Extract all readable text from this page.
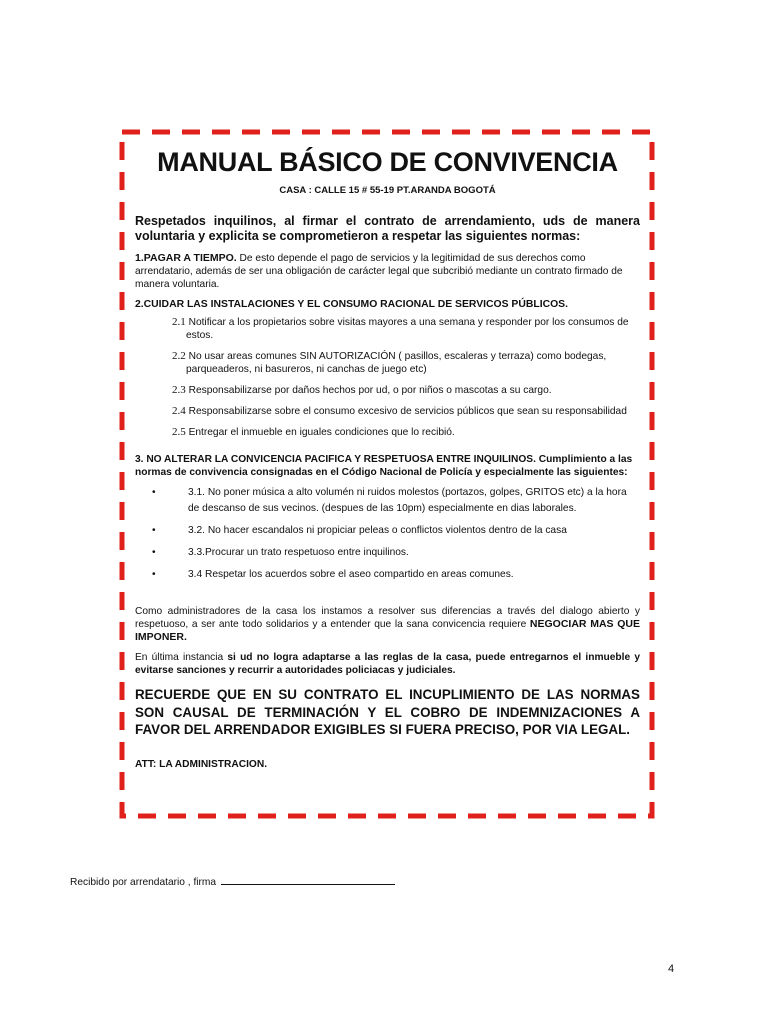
MANUAL BÁSICO DE CONVIVENCIA

CASA : CALLE 15 # 55-19 PT.ARANDA BOGOTÁ

Respetados inquilinos, al firmar el contrato de arrendamiento, uds de manera voluntaria y explicita se comprometieron a respetar las siguientes normas:

1.PAGAR A TIEMPO. De esto depende el pago de servicios y la legitimidad de sus derechos como arrendatario, además de ser una obligación de carácter legal que subcribió mediante un contrato firmado de manera voluntaria.

2.CUIDAR LAS INSTALACIONES Y EL CONSUMO RACIONAL DE SERVICOS PÚBLICOS.

2.1 Notificar a los propietarios sobre visitas mayores a una semana y responder por los consumos de estos.
2.2 No usar areas comunes SIN AUTORIZACIÓN ( pasillos, escaleras y terraza) como bodegas, parqueaderos, ni basureros, ni canchas de juego etc)
2.3 Responsabilizarse por daños hechos por ud, o por niños o mascotas a su cargo.
2.4 Responsabilizarse sobre el consumo excesivo de servicios públicos que sean su responsabilidad
2.5 Entregar el inmueble en iguales condiciones que lo recibió.

3. NO ALTERAR LA CONVICENCIA PACIFICA Y RESPETUOSA ENTRE INQUILINOS. Cumplimiento a las normas de convivencia consignadas en el Código Nacional de Policía y especialmente las siguientes:

• 3.1. No poner música a alto volumén ni ruidos molestos (portazos, golpes, GRITOS etc) a la hora de descanso de sus vecinos. (despues de las 10pm) especialmente en dias laborales.
• 3.2. No hacer escandalos ni propiciar peleas o conflictos violentos dentro de la casa
• 3.3.Procurar un trato respetuoso entre inquilinos.
• 3.4 Respetar los acuerdos sobre el aseo compartido en areas comunes.

Como administradores de la casa los instamos a resolver sus diferencias a través del dialogo abierto y respetuoso, a ser ante todo solidarios y a entender que la sana convicencia requiere NEGOCIAR MAS QUE IMPONER.

En última instancia si ud no logra adaptarse a las reglas de la casa, puede entregarnos el inmueble y evitarse sanciones y recurrir a autoridades policiacas y judiciales.

RECUERDE QUE EN SU CONTRATO EL INCUPLIMIENTO DE LAS NORMAS SON CAUSAL DE TERMINACIÓN Y EL COBRO DE INDEMNIZACIONES A FAVOR DEL ARRENDADOR EXIGIBLES SI FUERA PRECISO, POR VIA LEGAL.

ATT: LA ADMINISTRACION.

Recibido por arrendatario , firma
4
